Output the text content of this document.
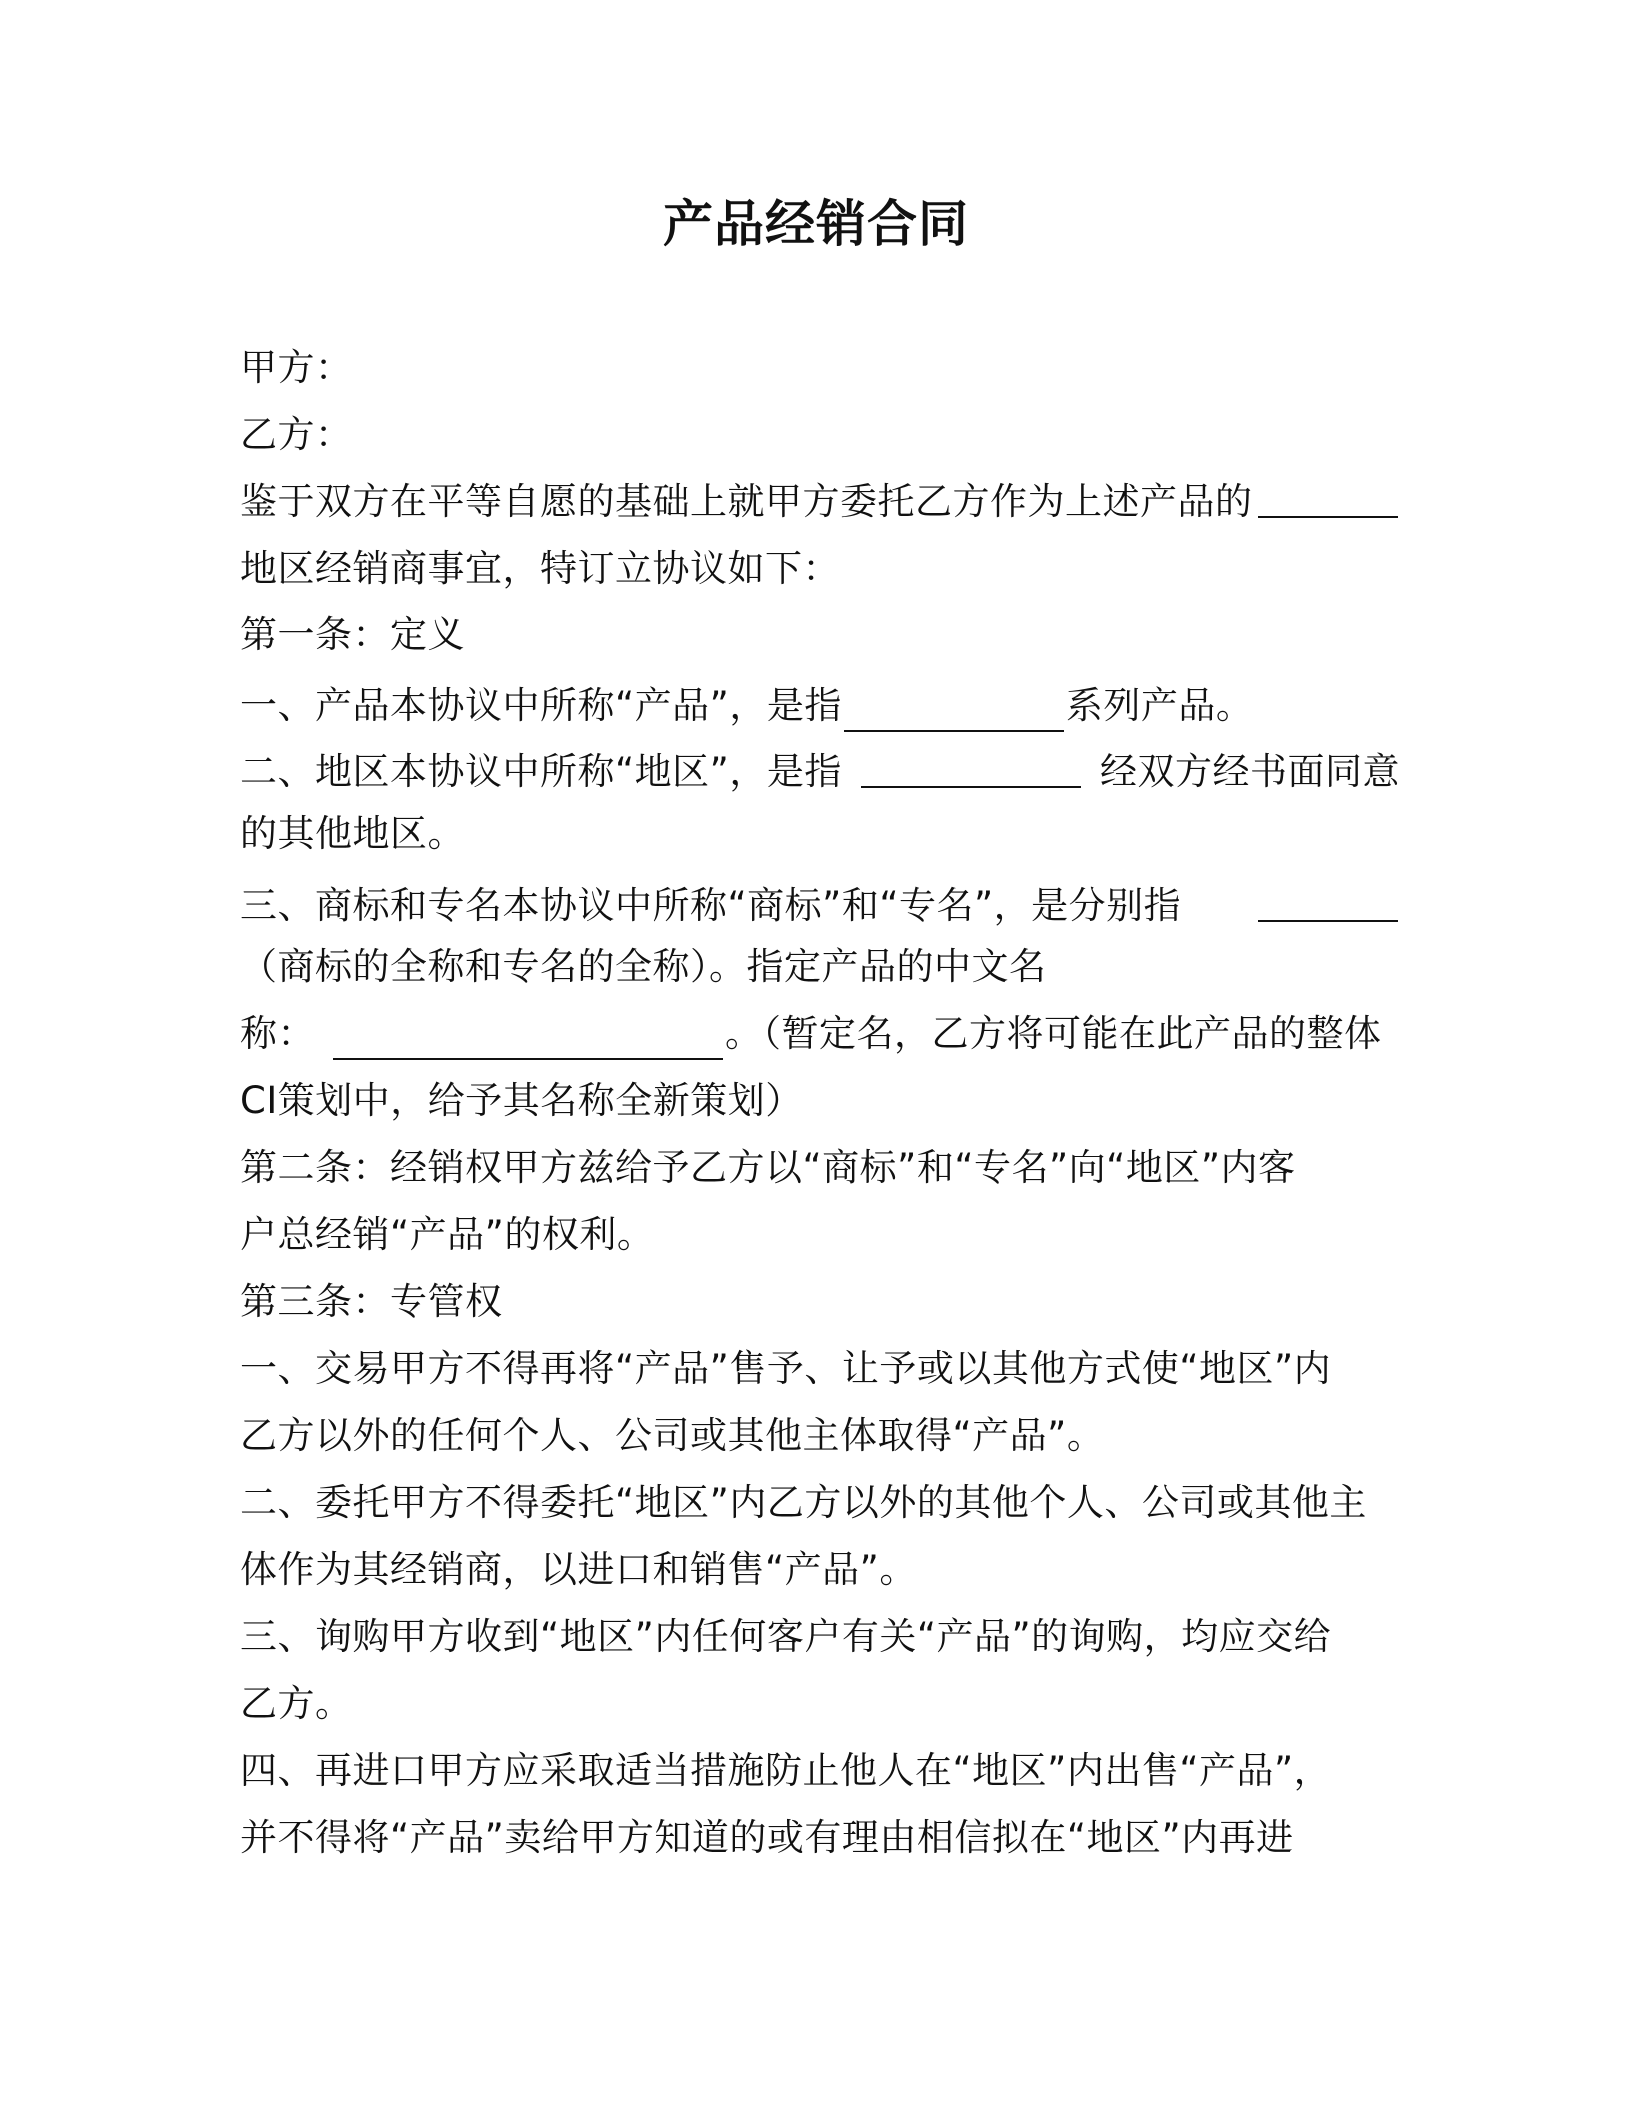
产品经销合同
甲方：
乙方：
鉴于双方在平等自愿的基础上就甲方委托乙方作为上述产品的
地区经销商事宜，特订立协议如下：
第一条：定义
一、产品本协议中所称“产品”，是指	系列产品。
二、地区本协议中所称“地区”，是指	经双方经书面同意
的其他地区。
三、商标和专名本协议中所称“商标”和“专名”，是分别指
（商标的全称和专名的全称）。指定产品的中文名
称：	。（暂定名，乙方将可能在此产品的整体
CI策划中，给予其名称全新策划）
第二条：经销权甲方兹给予乙方以“商标”和“专名”向“地区”内客
户总经销“产品”的权利。
第三条：专管权
一、交易甲方不得再将“产品”售予、让予或以其他方式使“地区”内
乙方以外的任何个人、公司或其他主体取得“产品”。
二、委托甲方不得委托“地区”内乙方以外的其他个人、公司或其他主
体作为其经销商，以进口和销售“产品”。
三、询购甲方收到“地区”内任何客户有关“产品”的询购，均应交给
乙方。
四、再进口甲方应采取适当措施防止他人在“地区”内出售“产品”，
并不得将“产品”卖给甲方知道的或有理由相信拟在“地区”内再进
